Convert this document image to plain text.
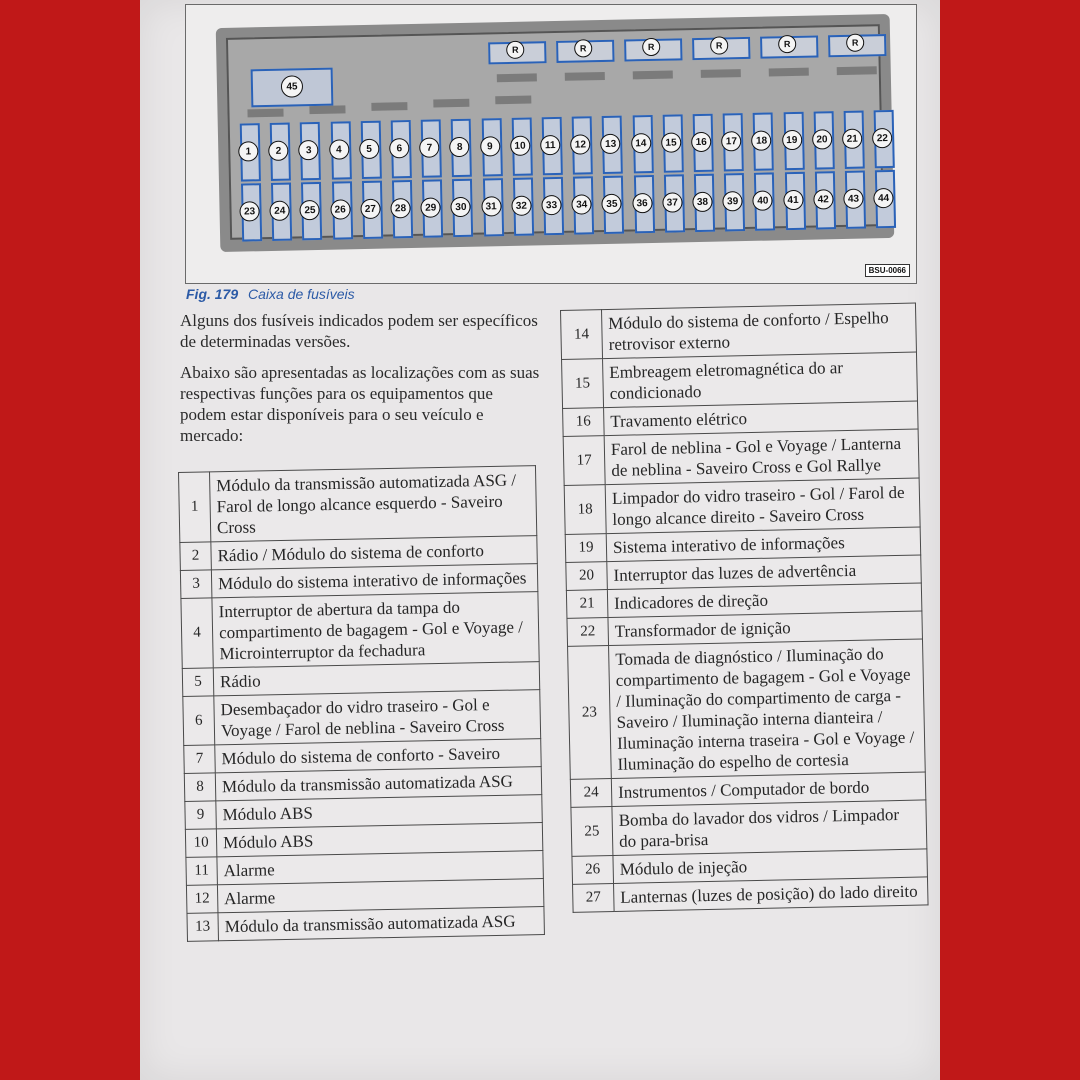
45
R	R	R	R	R	R
1	2	3	4	5	6	7	8	9	10	11	12	13	14	15	16	17	18	19	20	21	22
23	24	25	26	27	28	29	30	31	32	33	34	35	36	37	38	39	40	41	42	43	44
BSU-0066
Fig. 179 Caixa de fusíveis

Alguns dos fusíveis indicados podem ser específicos de determinadas versões.

Abaixo são apresentadas as localizações com as suas respectivas funções para os equipamentos que podem estar disponíveis para o seu veículo e mercado:

1	Módulo da transmissão automatizada ASG / Farol de longo alcance esquerdo - Saveiro Cross
2	Rádio / Módulo do sistema de conforto
3	Módulo do sistema interativo de informações
4	Interruptor de abertura da tampa do compartimento de bagagem - Gol e Voyage / Microinterruptor da fechadura
5	Rádio
6	Desembaçador do vidro traseiro - Gol e Voyage / Farol de neblina - Saveiro Cross
7	Módulo do sistema de conforto - Saveiro
8	Módulo da transmissão automatizada ASG
9	Módulo ABS
10	Módulo ABS
11	Alarme
12	Alarme
13	Módulo da transmissão automatizada ASG
14	Módulo do sistema de conforto / Espelho retrovisor externo
15	Embreagem eletromagnética do ar condicionado
16	Travamento elétrico
17	Farol de neblina - Gol e Voyage / Lanterna de neblina - Saveiro Cross e Gol Rallye
18	Limpador do vidro traseiro - Gol / Farol de longo alcance direito - Saveiro Cross
19	Sistema interativo de informações
20	Interruptor das luzes de advertência
21	Indicadores de direção
22	Transformador de ignição
23	Tomada de diagnóstico / Iluminação do compartimento de bagagem - Gol e Voyage / Iluminação do compartimento de carga - Saveiro / Iluminação interna dianteira / Iluminação interna traseira - Gol e Voyage / Iluminação do espelho de cortesia
24	Instrumentos / Computador de bordo
25	Bomba do lavador dos vidros / Limpador do para-brisa
26	Módulo de injeção
27	Lanternas (luzes de posição) do lado direito
